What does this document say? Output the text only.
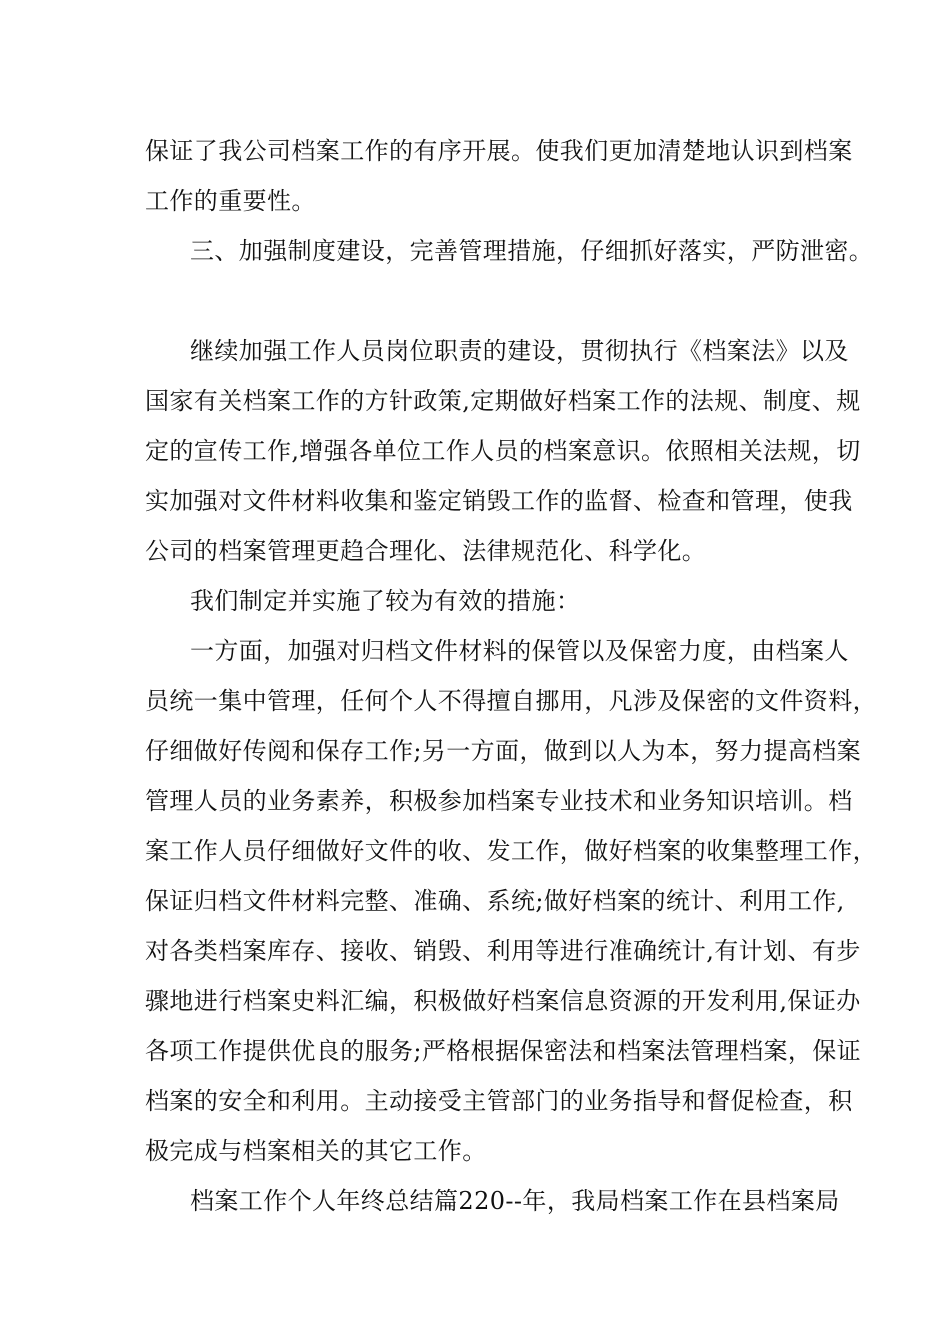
保证了我公司档案工作的有序开展。使我们更加清楚地认识到档案
工作的重要性。
三、加强制度建设，完善管理措施，仔细抓好落实，严防泄密。
继续加强工作人员岗位职责的建设，贯彻执行《档案法》以及
国家有关档案工作的方针政策,定期做好档案工作的法规、制度、规
定的宣传工作,增强各单位工作人员的档案意识。依照相关法规，切
实加强对文件材料收集和鉴定销毁工作的监督、检查和管理，使我
公司的档案管理更趋合理化、法律规范化、科学化。
我们制定并实施了较为有效的措施：
一方面，加强对归档文件材料的保管以及保密力度，由档案人
员统一集中管理，任何个人不得擅自挪用，凡涉及保密的文件资料，
仔细做好传阅和保存工作;另一方面，做到以人为本，努力提高档案
管理人员的业务素养，积极参加档案专业技术和业务知识培训。档
案工作人员仔细做好文件的收、发工作，做好档案的收集整理工作，
保证归档文件材料完整、准确、系统;做好档案的统计、利用工作,
对各类档案库存、接收、销毁、利用等进行准确统计,有计划、有步
骤地进行档案史料汇编，积极做好档案信息资源的开发利用,保证办
各项工作提供优良的服务;严格根据保密法和档案法管理档案，保证
档案的安全和利用。主动接受主管部门的业务指导和督促检查，积
极完成与档案相关的其它工作。
档案工作个人年终总结篇220--年，我局档案工作在县档案局
